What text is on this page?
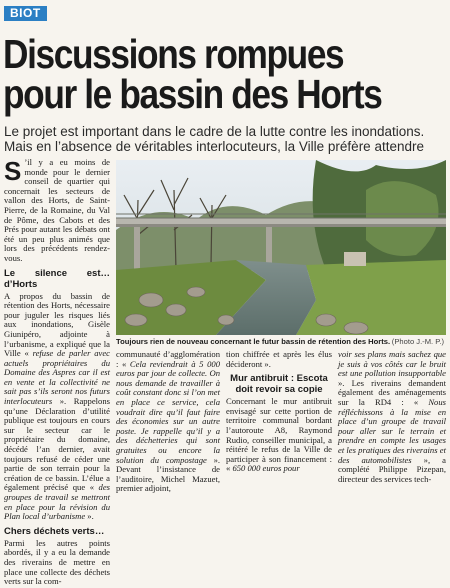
BIOT
Discussions rompues
pour le bassin des Horts

Le projet est important dans le cadre de la lutte contre les inondations.
Mais en l’absence de véritables interlocuteurs, la Ville préfère attendre

S ’il y a eu moins de monde pour le dernier conseil de quartier qui concernait les secteurs de vallon des Horts, de Saint-Pierre, de la Romaine, du Val de Pôme, des Cabots et des Prés pour autant les débats ont été un peu plus animés que lors des précédents rendez-vous.

Le silence est… d’Horts

A propos du bassin de rétention des Horts, nécessaire pour juguler les risques liés aux inondations, Gisèle Giunipéro, adjointe à l’urbanisme, a expliqué que la Ville « refuse de parler avec actuels propriétaires du Domaine des Aspres car il est en vente et la collectivité ne sait pas s’ils seront nos futurs interlocuteurs ». Rappelons qu’une Déclaration d’utilité publique est toujours en cours sur le secteur car le propriétaire du domaine, décédé l’an dernier, avait toujours refusé de céder une partie de son terrain pour la création de ce bassin. L’élue a également précisé que « des groupes de travail se mettront en place pour la révision du Plan local d’urbanisme ».

Chers déchets verts…

Parmi les autres points abordés, il y a eu la demande des riverains de mettre en place une collecte des déchets verts sur la com-

Toujours rien de nouveau concernant le futur bassin de rétention des Horts. (Photo J.-M. P.)

communauté d’agglomération : « Cela reviendrait à 5 000 euros par jour de collecte. On nous demande de travailler à coût constant donc si l’on met en place ce service, cela voudrait dire qu’il faut faire des économies sur un autre poste. Je rappelle qu’il y a des déchetteries qui sont gratuites ou encore la solution du compostage ». Devant l’insistance de l’auditoire, Michel Mazuet, premier adjoint,

tion chiffrée et après les élus décideront ».

Mur antibruit : Escota doit revoir sa copie

Concernant le mur antibruit envisagé sur cette portion de territoire communal bordant l’autoroute A8, Raymond Rudio, conseiller municipal, a réitéré le refus de la Ville de participer à son financement : « 650 000 euros pour

voir ses plans mais sachez que je suis à vos côtés car le bruit est une pollution insupportable ». Les riverains demandent également des aménagements sur la RD4 : « Nous réfléchissons à la mise en place d’un groupe de travail pour aller sur le terrain et prendre en compte les usages et les pratiques des riverains et des automobilistes », a complété Philippe Pizepan, directeur des services tech-
